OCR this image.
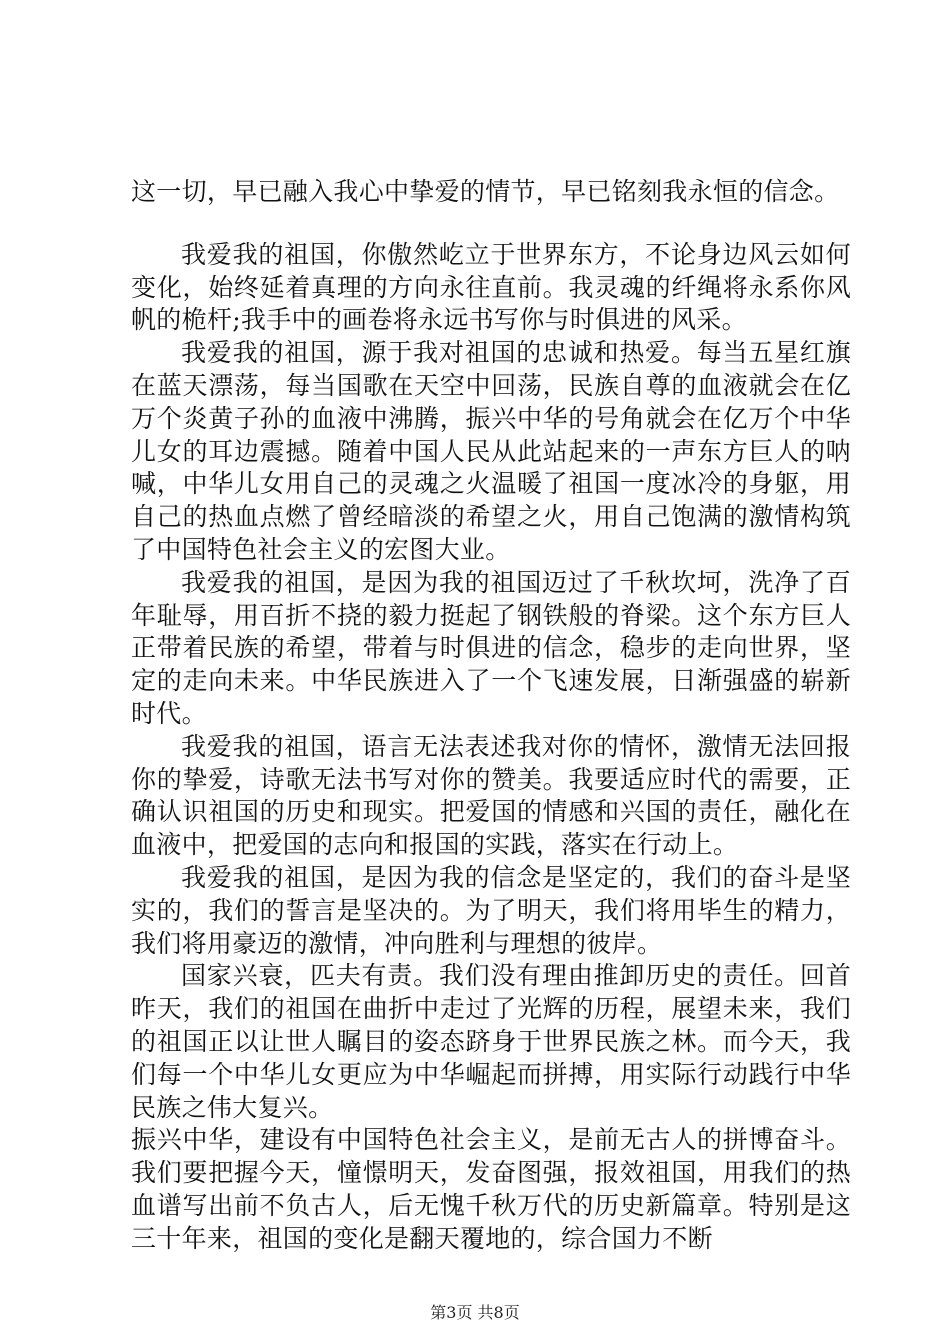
这一切，早已融入我心中挚爱的情节，早已铭刻我永恒的信念。

我爱我的祖国，你傲然屹立于世界东方，不论身边风云如何变化，始终延着真理的方向永往直前。我灵魂的纤绳将永系你风帆的桅杆;我手中的画卷将永远书写你与时俱进的风采。

我爱我的祖国，源于我对祖国的忠诚和热爱。每当五星红旗在蓝天漂荡，每当国歌在天空中回荡，民族自尊的血液就会在亿万个炎黄子孙的血液中沸腾，振兴中华的号角就会在亿万个中华儿女的耳边震撼。随着中国人民从此站起来的一声东方巨人的呐喊，中华儿女用自己的灵魂之火温暖了祖国一度冰冷的身躯，用自己的热血点燃了曾经暗淡的希望之火，用自己饱满的激情构筑了中国特色社会主义的宏图大业。

我爱我的祖国，是因为我的祖国迈过了千秋坎坷，洗净了百年耻辱，用百折不挠的毅力挺起了钢铁般的脊梁。这个东方巨人正带着民族的希望，带着与时俱进的信念，稳步的走向世界，坚定的走向未来。中华民族进入了一个飞速发展，日渐强盛的崭新时代。

我爱我的祖国，语言无法表述我对你的情怀，激情无法回报你的挚爱，诗歌无法书写对你的赞美。我要适应时代的需要，正确认识祖国的历史和现实。把爱国的情感和兴国的责任，融化在血液中，把爱国的志向和报国的实践，落实在行动上。

我爱我的祖国，是因为我的信念是坚定的，我们的奋斗是坚实的，我们的誓言是坚决的。为了明天，我们将用毕生的精力，我们将用豪迈的激情，冲向胜利与理想的彼岸。

国家兴衰，匹夫有责。我们没有理由推卸历史的责任。回首昨天，我们的祖国在曲折中走过了光辉的历程，展望未来，我们的祖国正以让世人瞩目的姿态跻身于世界民族之林。而今天，我们每一个中华儿女更应为中华崛起而拼搏，用实际行动践行中华民族之伟大复兴。

振兴中华，建设有中国特色社会主义，是前无古人的拼博奋斗。我们要把握今天，憧憬明天，发奋图强，报效祖国，用我们的热血谱写出前不负古人，后无愧千秋万代的历史新篇章。特别是这三十年来，祖国的变化是翻天覆地的，综合国力不断

第3页 共8页
